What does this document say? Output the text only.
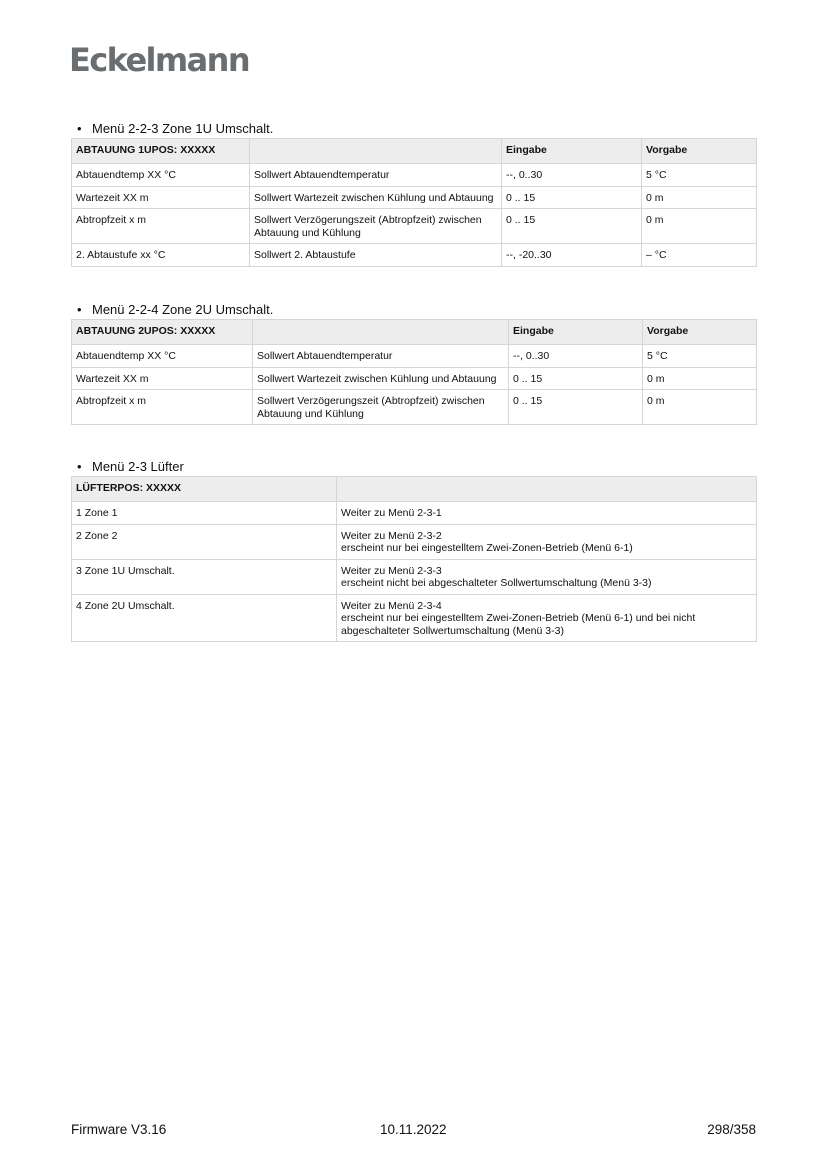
Eckelmann
• Menü 2-2-3 Zone 1U Umschalt.
ABTAUUNG 1UPOS: XXXXX		Eingabe	Vorgabe
Abtauendtemp XX °C	Sollwert Abtauendtemperatur	--, 0..30	5 °C
Wartezeit XX m	Sollwert Wartezeit zwischen Kühlung und Abtauung	0 .. 15	0 m
Abtropfzeit x m	Sollwert Verzögerungszeit (Abtropfzeit) zwischen Abtauung und Kühlung	0 .. 15	0 m
2. Abtaustufe xx °C	Sollwert 2. Abtaustufe	--, -20..30	– °C
• Menü 2-2-4 Zone 2U Umschalt.
ABTAUUNG 2UPOS: XXXXX		Eingabe	Vorgabe
Abtauendtemp XX °C	Sollwert Abtauendtemperatur	--, 0..30	5 °C
Wartezeit XX m	Sollwert Wartezeit zwischen Kühlung und Abtauung	0 .. 15	0 m
Abtropfzeit x m	Sollwert Verzögerungszeit (Abtropfzeit) zwischen Abtauung und Kühlung	0 .. 15	0 m
• Menü 2-3 Lüfter
LÜFTERPOS: XXXXX	
1 Zone 1	Weiter zu Menü 2-3-1

2 Zone 2	Weiter zu Menü 2-3-2
erscheint nur bei eingestelltem Zwei-Zonen-Betrieb (Menü 6-1)

3 Zone 1U Umschalt.	Weiter zu Menü 2-3-3
erscheint nicht bei abgeschalteter Sollwertumschaltung (Menü 3-3)

4 Zone 2U Umschalt.	Weiter zu Menü 2-3-4
erscheint nur bei eingestelltem Zwei-Zonen-Betrieb (Menü 6-1) und bei nicht abgeschalteter Sollwertumschaltung (Menü 3-3)
Firmware V3.16	10.11.2022	298/358
